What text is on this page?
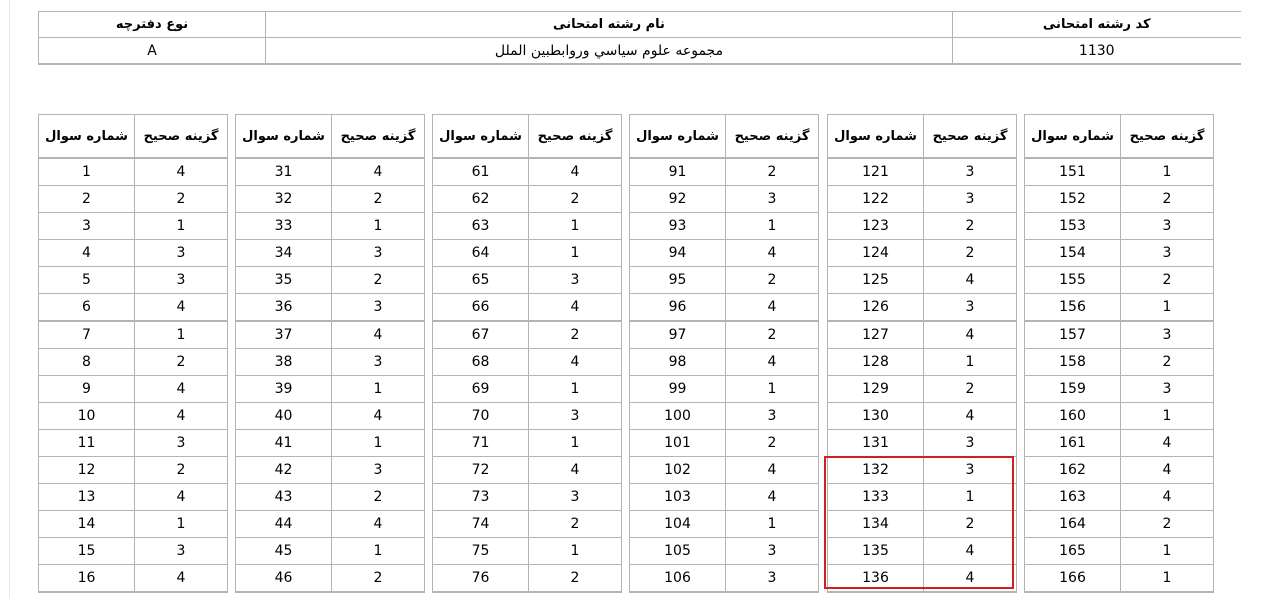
نوع دفترچه	نام رشته امتحانی	کد رشته امتحانی
A	مجموعه علوم سیاسي وروابطبین الملل	1130
شماره سوال	گزینه صحیح
1	4
2	2
3	1
4	3
5	3
6	4
7	1
8	2
9	4
10	4
11	3
12	2
13	4
14	1
15	3
16	4
شماره سوال	گزینه صحیح
31	4
32	2
33	1
34	3
35	2
36	3
37	4
38	3
39	1
40	4
41	1
42	3
43	2
44	4
45	1
46	2
شماره سوال	گزینه صحیح
61	4
62	2
63	1
64	1
65	3
66	4
67	2
68	4
69	1
70	3
71	1
72	4
73	3
74	2
75	1
76	2
شماره سوال	گزینه صحیح
91	2
92	3
93	1
94	4
95	2
96	4
97	2
98	4
99	1
100	3
101	2
102	4
103	4
104	1
105	3
106	3
شماره سوال	گزینه صحیح
121	3
122	3
123	2
124	2
125	4
126	3
127	4
128	1
129	2
130	4
131	3
132	3
133	1
134	2
135	4
136	4
شماره سوال	گزینه صحیح
151	1
152	2
153	3
154	3
155	2
156	1
157	3
158	2
159	3
160	1
161	4
162	4
163	4
164	2
165	1
166	1
